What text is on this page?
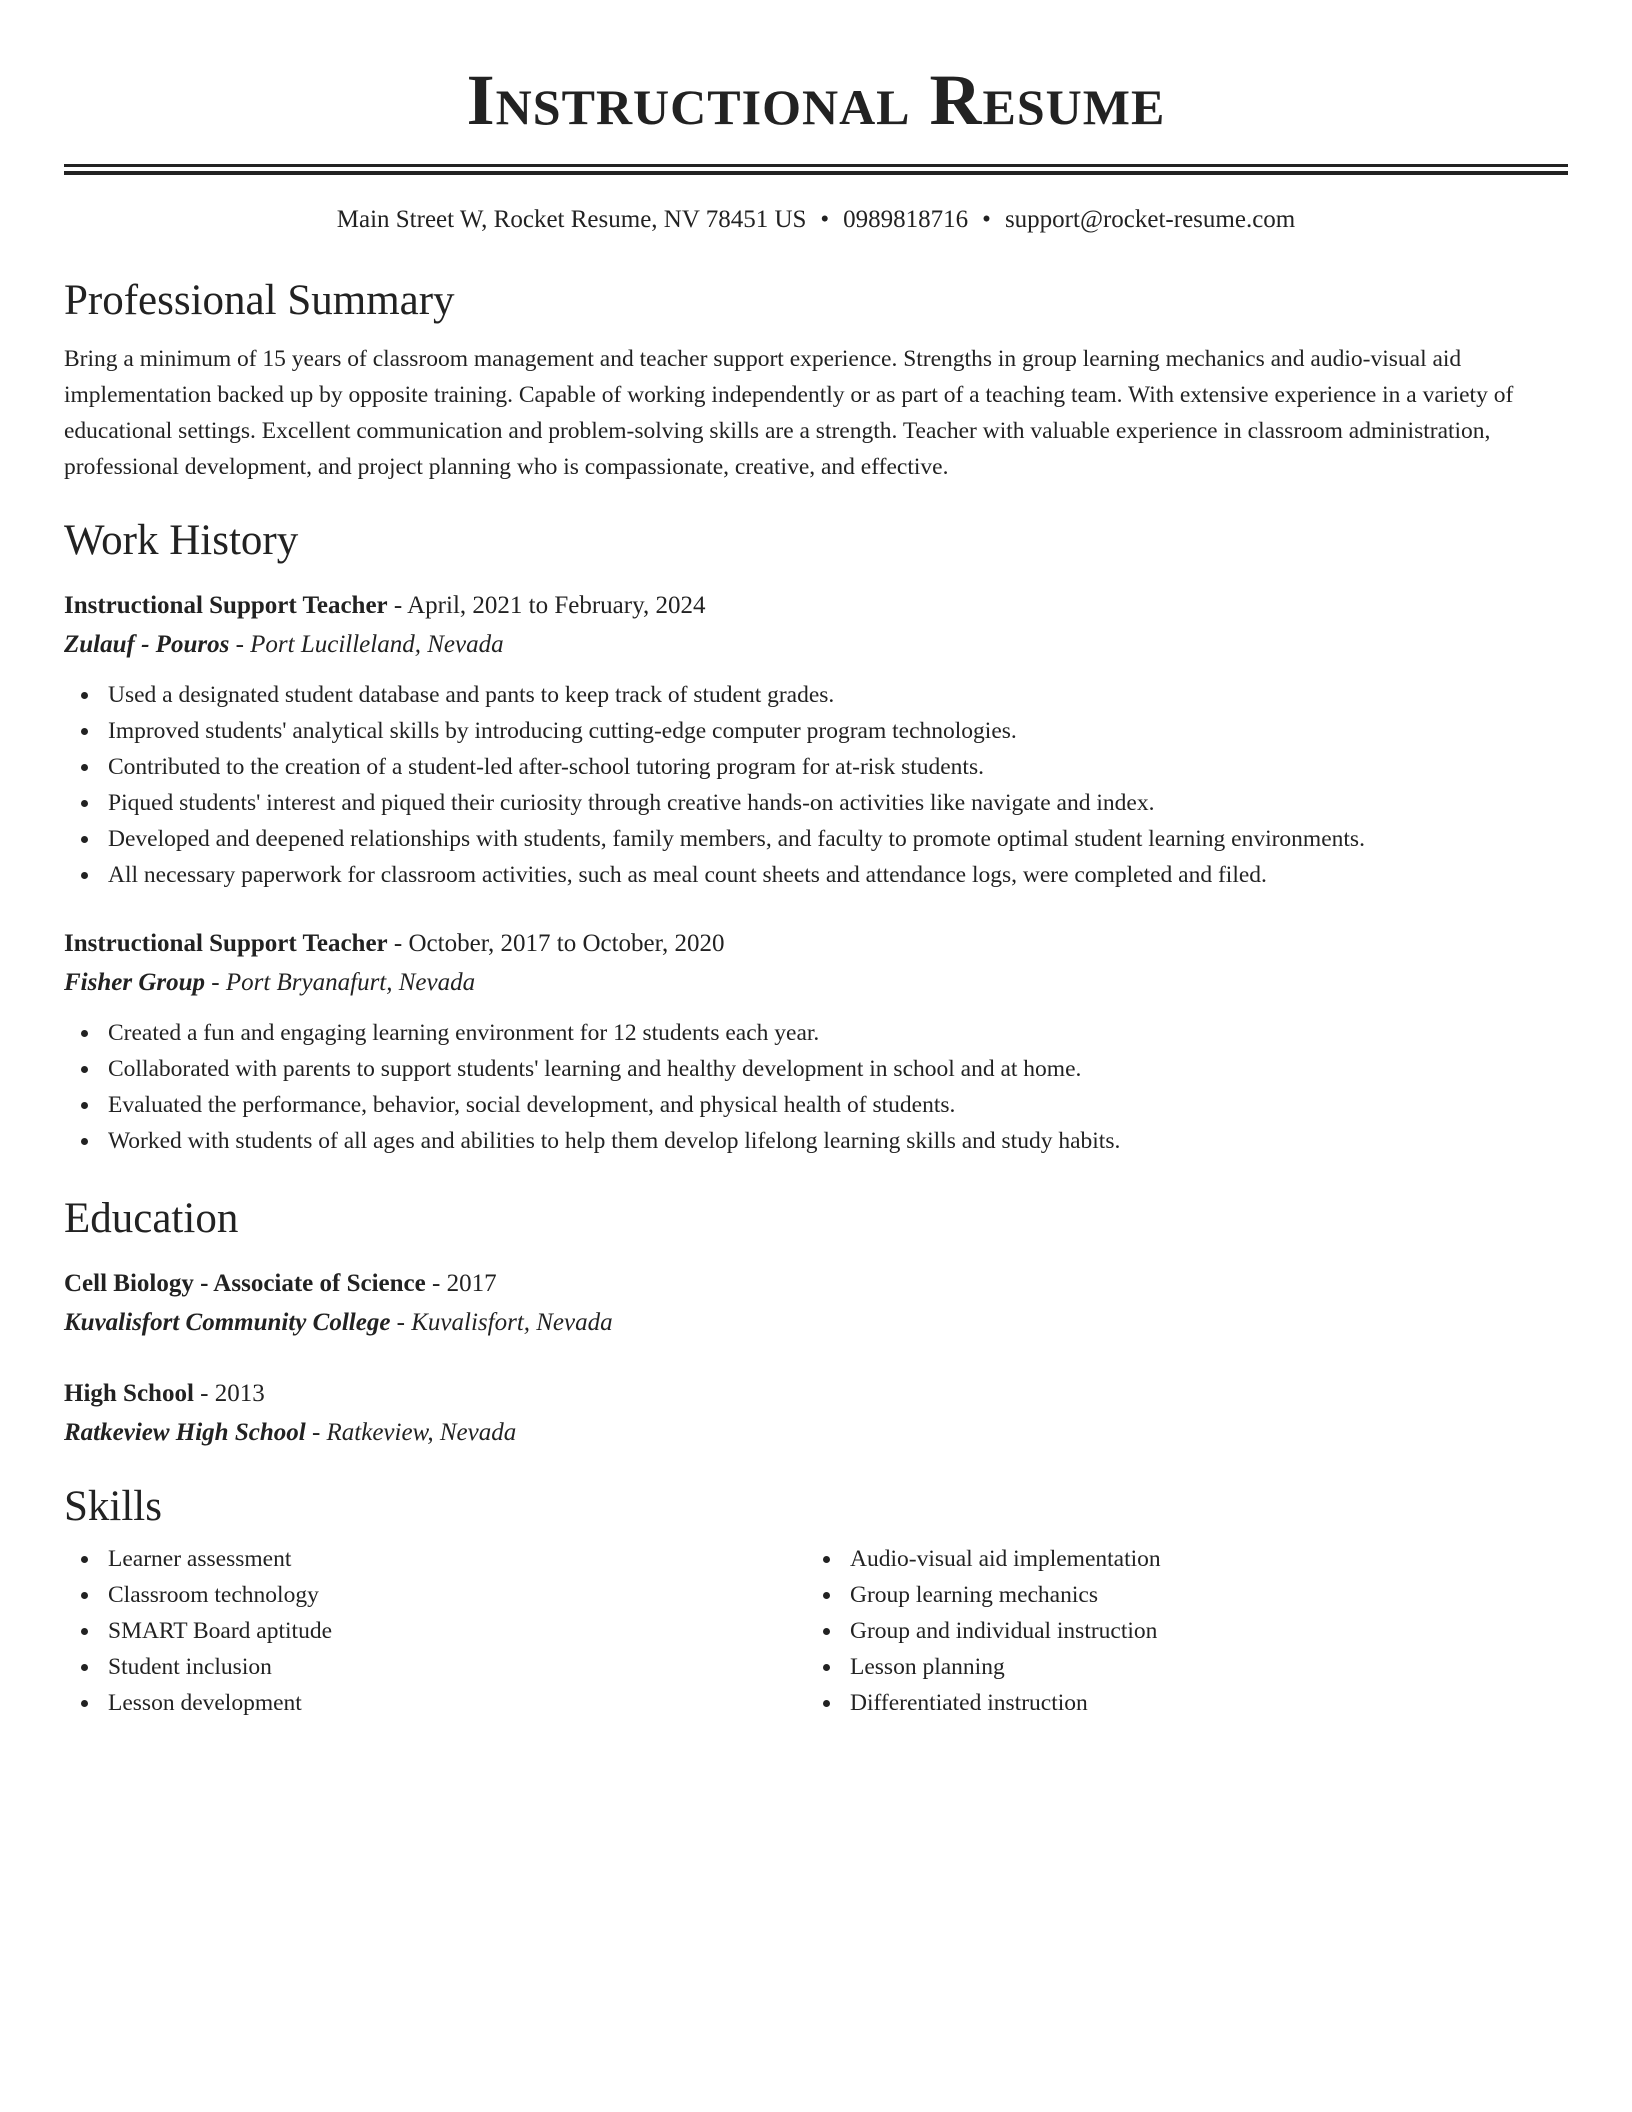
Instructional Resume
Main Street W, Rocket Resume, NV 78451 US • 0989818716 • support@rocket-resume.com
Professional Summary

Bring a minimum of 15 years of classroom management and teacher support experience. Strengths in group learning mechanics and audio-visual aid implementation backed up by opposite training. Capable of working independently or as part of a teaching team. With extensive experience in a variety of educational settings. Excellent communication and problem-solving skills are a strength. Teacher with valuable experience in classroom administration, professional development, and project planning who is compassionate, creative, and effective.

Work History
Instructional Support Teacher - April, 2021 to February, 2024
Zulauf - Pouros - Port Lucilleland, Nevada
Used a designated student database and pants to keep track of student grades.
Improved students' analytical skills by introducing cutting-edge computer program technologies.
Contributed to the creation of a student-led after-school tutoring program for at-risk students.
Piqued students' interest and piqued their curiosity through creative hands-on activities like navigate and index.
Developed and deepened relationships with students, family members, and faculty to promote optimal student learning environments.
All necessary paperwork for classroom activities, such as meal count sheets and attendance logs, were completed and filed.
Instructional Support Teacher - October, 2017 to October, 2020
Fisher Group - Port Bryanafurt, Nevada
Created a fun and engaging learning environment for 12 students each year.
Collaborated with parents to support students' learning and healthy development in school and at home.
Evaluated the performance, behavior, social development, and physical health of students.
Worked with students of all ages and abilities to help them develop lifelong learning skills and study habits.
Education
Cell Biology - Associate of Science - 2017
Kuvalisfort Community College - Kuvalisfort, Nevada
High School - 2013
Ratkeview High School - Ratkeview, Nevada
Skills
Learner assessment
Classroom technology
SMART Board aptitude
Student inclusion
Lesson development
Audio-visual aid implementation
Group learning mechanics
Group and individual instruction
Lesson planning
Differentiated instruction
